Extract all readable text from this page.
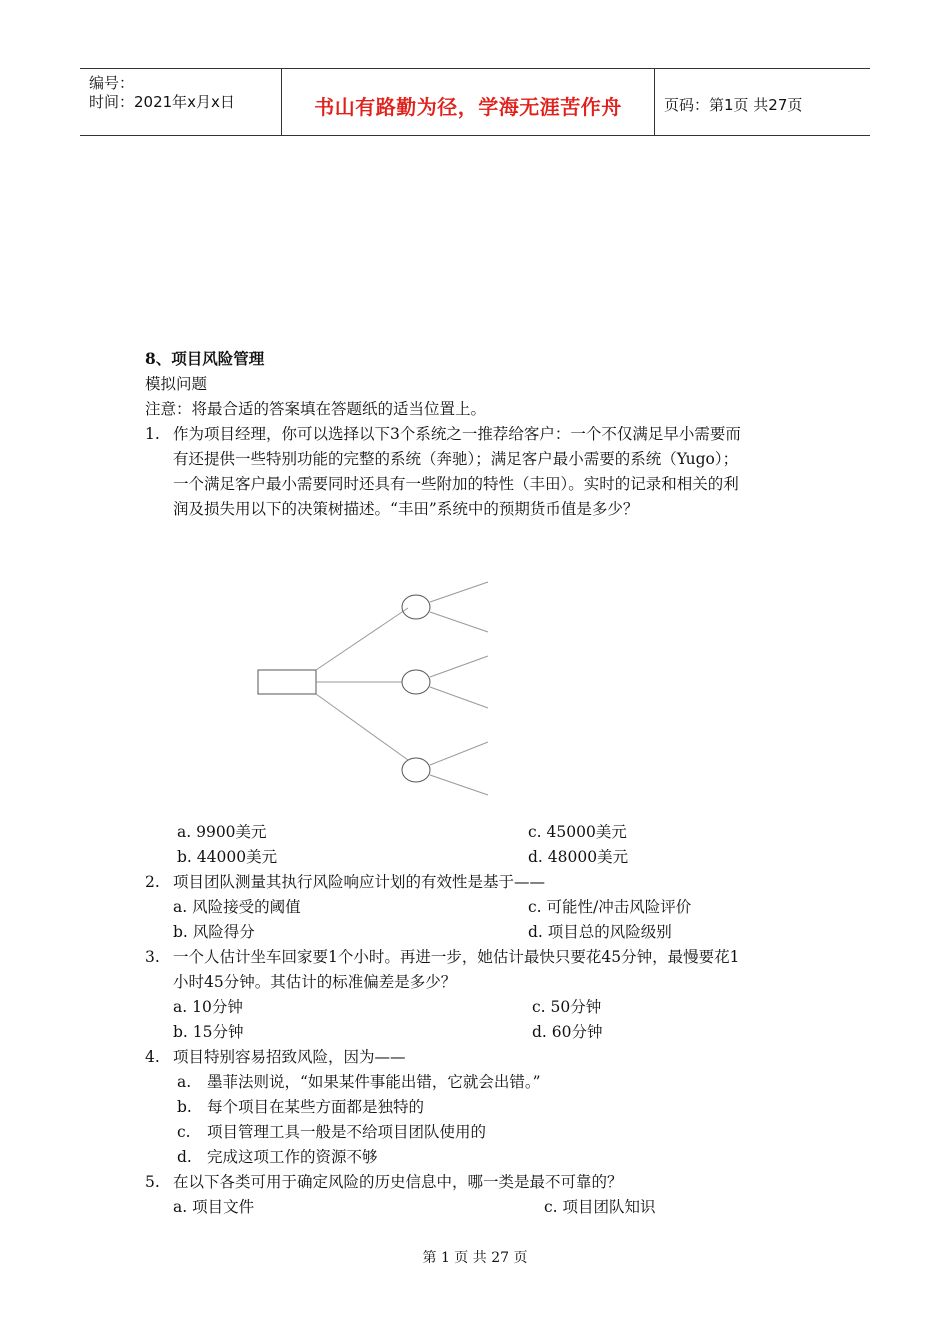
编号：
时间：2021年x月x日	书山有路勤为径，学海无涯苦作舟	页码：第1页 共27页
8、项目风险管理
模拟问题
注意：将最合适的答案填在答题纸的适当位置上。
1. 作为项目经理，你可以选择以下3个系统之一推荐给客户：一个不仅满足早小需要而
有还提供一些特别功能的完整的系统（奔驰）；满足客户最小需要的系统（Yugo）；
一个满足客户最小需要同时还具有一些附加的特性（丰田）。实时的记录和相关的利
润及损失用以下的决策树描述。“丰田”系统中的预期货币值是多少？
a. 9900美元	c. 45000美元
b. 44000美元	d. 48000美元
2. 项目团队测量其执行风险响应计划的有效性是基于——
a. 风险接受的阈值	c. 可能性/冲击风险评价
b. 风险得分	d. 项目总的风险级别
3. 一个人估计坐车回家要1个小时。再进一步，她估计最快只要花45分钟，最慢要花1
小时45分钟。其估计的标准偏差是多少？
a. 10分钟	c. 50分钟
b. 15分钟	d. 60分钟
4. 项目特别容易招致风险，因为——
a. 墨菲法则说，“如果某件事能出错，它就会出错。”
b. 每个项目在某些方面都是独特的
c. 项目管理工具一般是不给项目团队使用的
d. 完成这项工作的资源不够
5. 在以下各类可用于确定风险的历史信息中，哪一类是最不可靠的？
a. 项目文件	c. 项目团队知识
第 1 页 共 27 页
